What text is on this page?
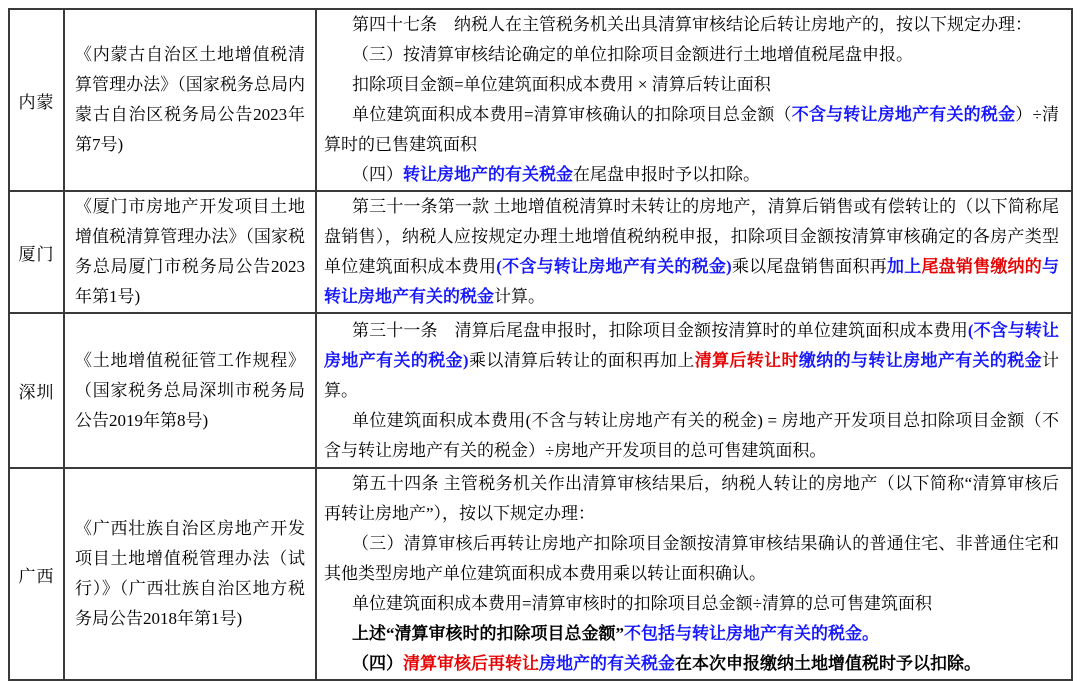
内蒙	《内蒙古自治区土地增值税清算管理办法》（国家税务总局内蒙古自治区税务局公告2023年第7号)	第四十七条　纳税人在主管税务机关出具清算审核结论后转让房地产的，按以下规定办理：

（三）按清算审核结论确定的单位扣除项目金额进行土地增值税尾盘申报。

扣除项目金额=单位建筑面积成本费用 × 清算后转让面积

单位建筑面积成本费用=清算审核确认的扣除项目总金额（不含与转让房地产有关的税金）÷清算时的已售建筑面积

（四）转让房地产的有关税金在尾盘申报时予以扣除。

厦门	《厦门市房地产开发项目土地增值税清算管理办法》（国家税务总局厦门市税务局公告2023年第1号)	第三十一条第一款 土地增值税清算时未转让的房地产，清算后销售或有偿转让的（以下简称尾盘销售），纳税人应按规定办理土地增值税纳税申报，扣除项目金额按清算审核确定的各房产类型单位建筑面积成本费用(不含与转让房地产有关的税金)乘以尾盘销售面积再加上尾盘销售缴纳的与转让房地产有关的税金计算。

深圳	《土地增值税征管工作规程》（国家税务总局深圳市税务局公告2019年第8号)	第三十一条　清算后尾盘申报时，扣除项目金额按清算时的单位建筑面积成本费用(不含与转让房地产有关的税金)乘以清算后转让的面积再加上清算后转让时缴纳的与转让房地产有关的税金计算。

单位建筑面积成本费用(不含与转让房地产有关的税金) = 房地产开发项目总扣除项目金额（不含与转让房地产有关的税金）÷房地产开发项目的总可售建筑面积。

广西	《广西壮族自治区房地产开发项目土地增值税管理办法（试行）》（广西壮族自治区地方税务局公告2018年第1号)	第五十四条 主管税务机关作出清算审核结果后，纳税人转让的房地产（以下简称“清算审核后再转让房地产”），按以下规定办理：

（三）清算审核后再转让房地产扣除项目金额按清算审核结果确认的普通住宅、非普通住宅和其他类型房地产单位建筑面积成本费用乘以转让面积确认。

单位建筑面积成本费用=清算审核时的扣除项目总金额÷清算的总可售建筑面积

上述“清算审核时的扣除项目总金额”不包括与转让房地产有关的税金。

（四）清算审核后再转让房地产的有关税金在本次申报缴纳土地增值税时予以扣除。
